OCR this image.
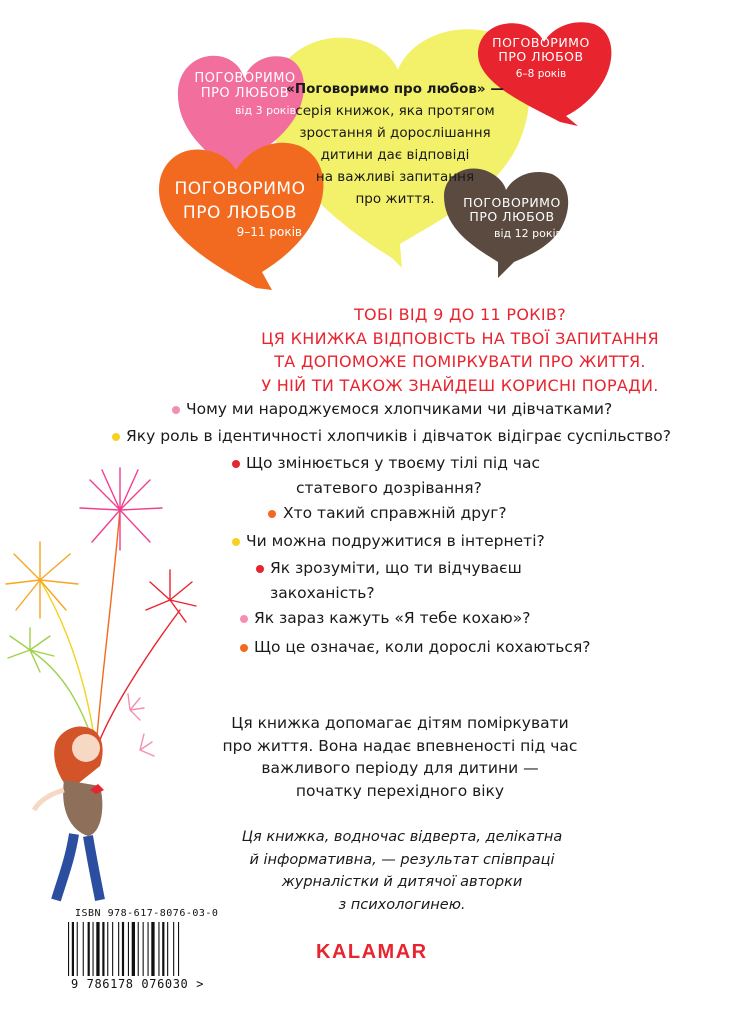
ПОГОВОРИМО
ПРО ЛЮБОВ
від 3 років
ПОГОВОРИМО
ПРО ЛЮБОВ
6–8 років
ПОГОВОРИМО
ПРО ЛЮБОВ
9–11 років
ПОГОВОРИМО
ПРО ЛЮБОВ
від 12 років
«Поговоримо про любов» —
серія книжок, яка протягом
зростання й дорослішання
дитини дає відповіді
на важливі запитання
про життя.
ТОБІ ВІД 9 ДО 11 РОКІВ?
ЦЯ КНИЖКА ВІДПОВІСТЬ НА ТВОЇ ЗАПИТАННЯ
ТА ДОПОМОЖЕ ПОМІРКУВАТИ ПРО ЖИТТЯ.
У НІЙ ТИ ТАКОЖ ЗНАЙДЕШ КОРИСНІ ПОРАДИ.
Чому ми народжуємося хлопчиками чи дівчатками?
Яку роль в ідентичності хлопчиків і дівчаток відіграє суспільство?
Що змінюється у твоєму тілі під час
статевого дозрівання?
Хто такий справжній друг?
Чи можна подружитися в інтернеті?
Як зрозуміти, що ти відчуваєш
закоханість?
Як зараз кажуть «Я тебе кохаю»?
Що це означає, коли дорослі кохаються?
Ця книжка допомагає дітям поміркувати
про життя. Вона надає впевненості під час
важливого періоду для дитини —
початку перехідного віку
Ця книжка, водночас відверта, делікатна
й інформативна, — результат співпраці
журналістки й дитячої авторки
з психологинею.
ISBN 978-617-8076-03-0
9 786178 076030 >
KALAMAR
